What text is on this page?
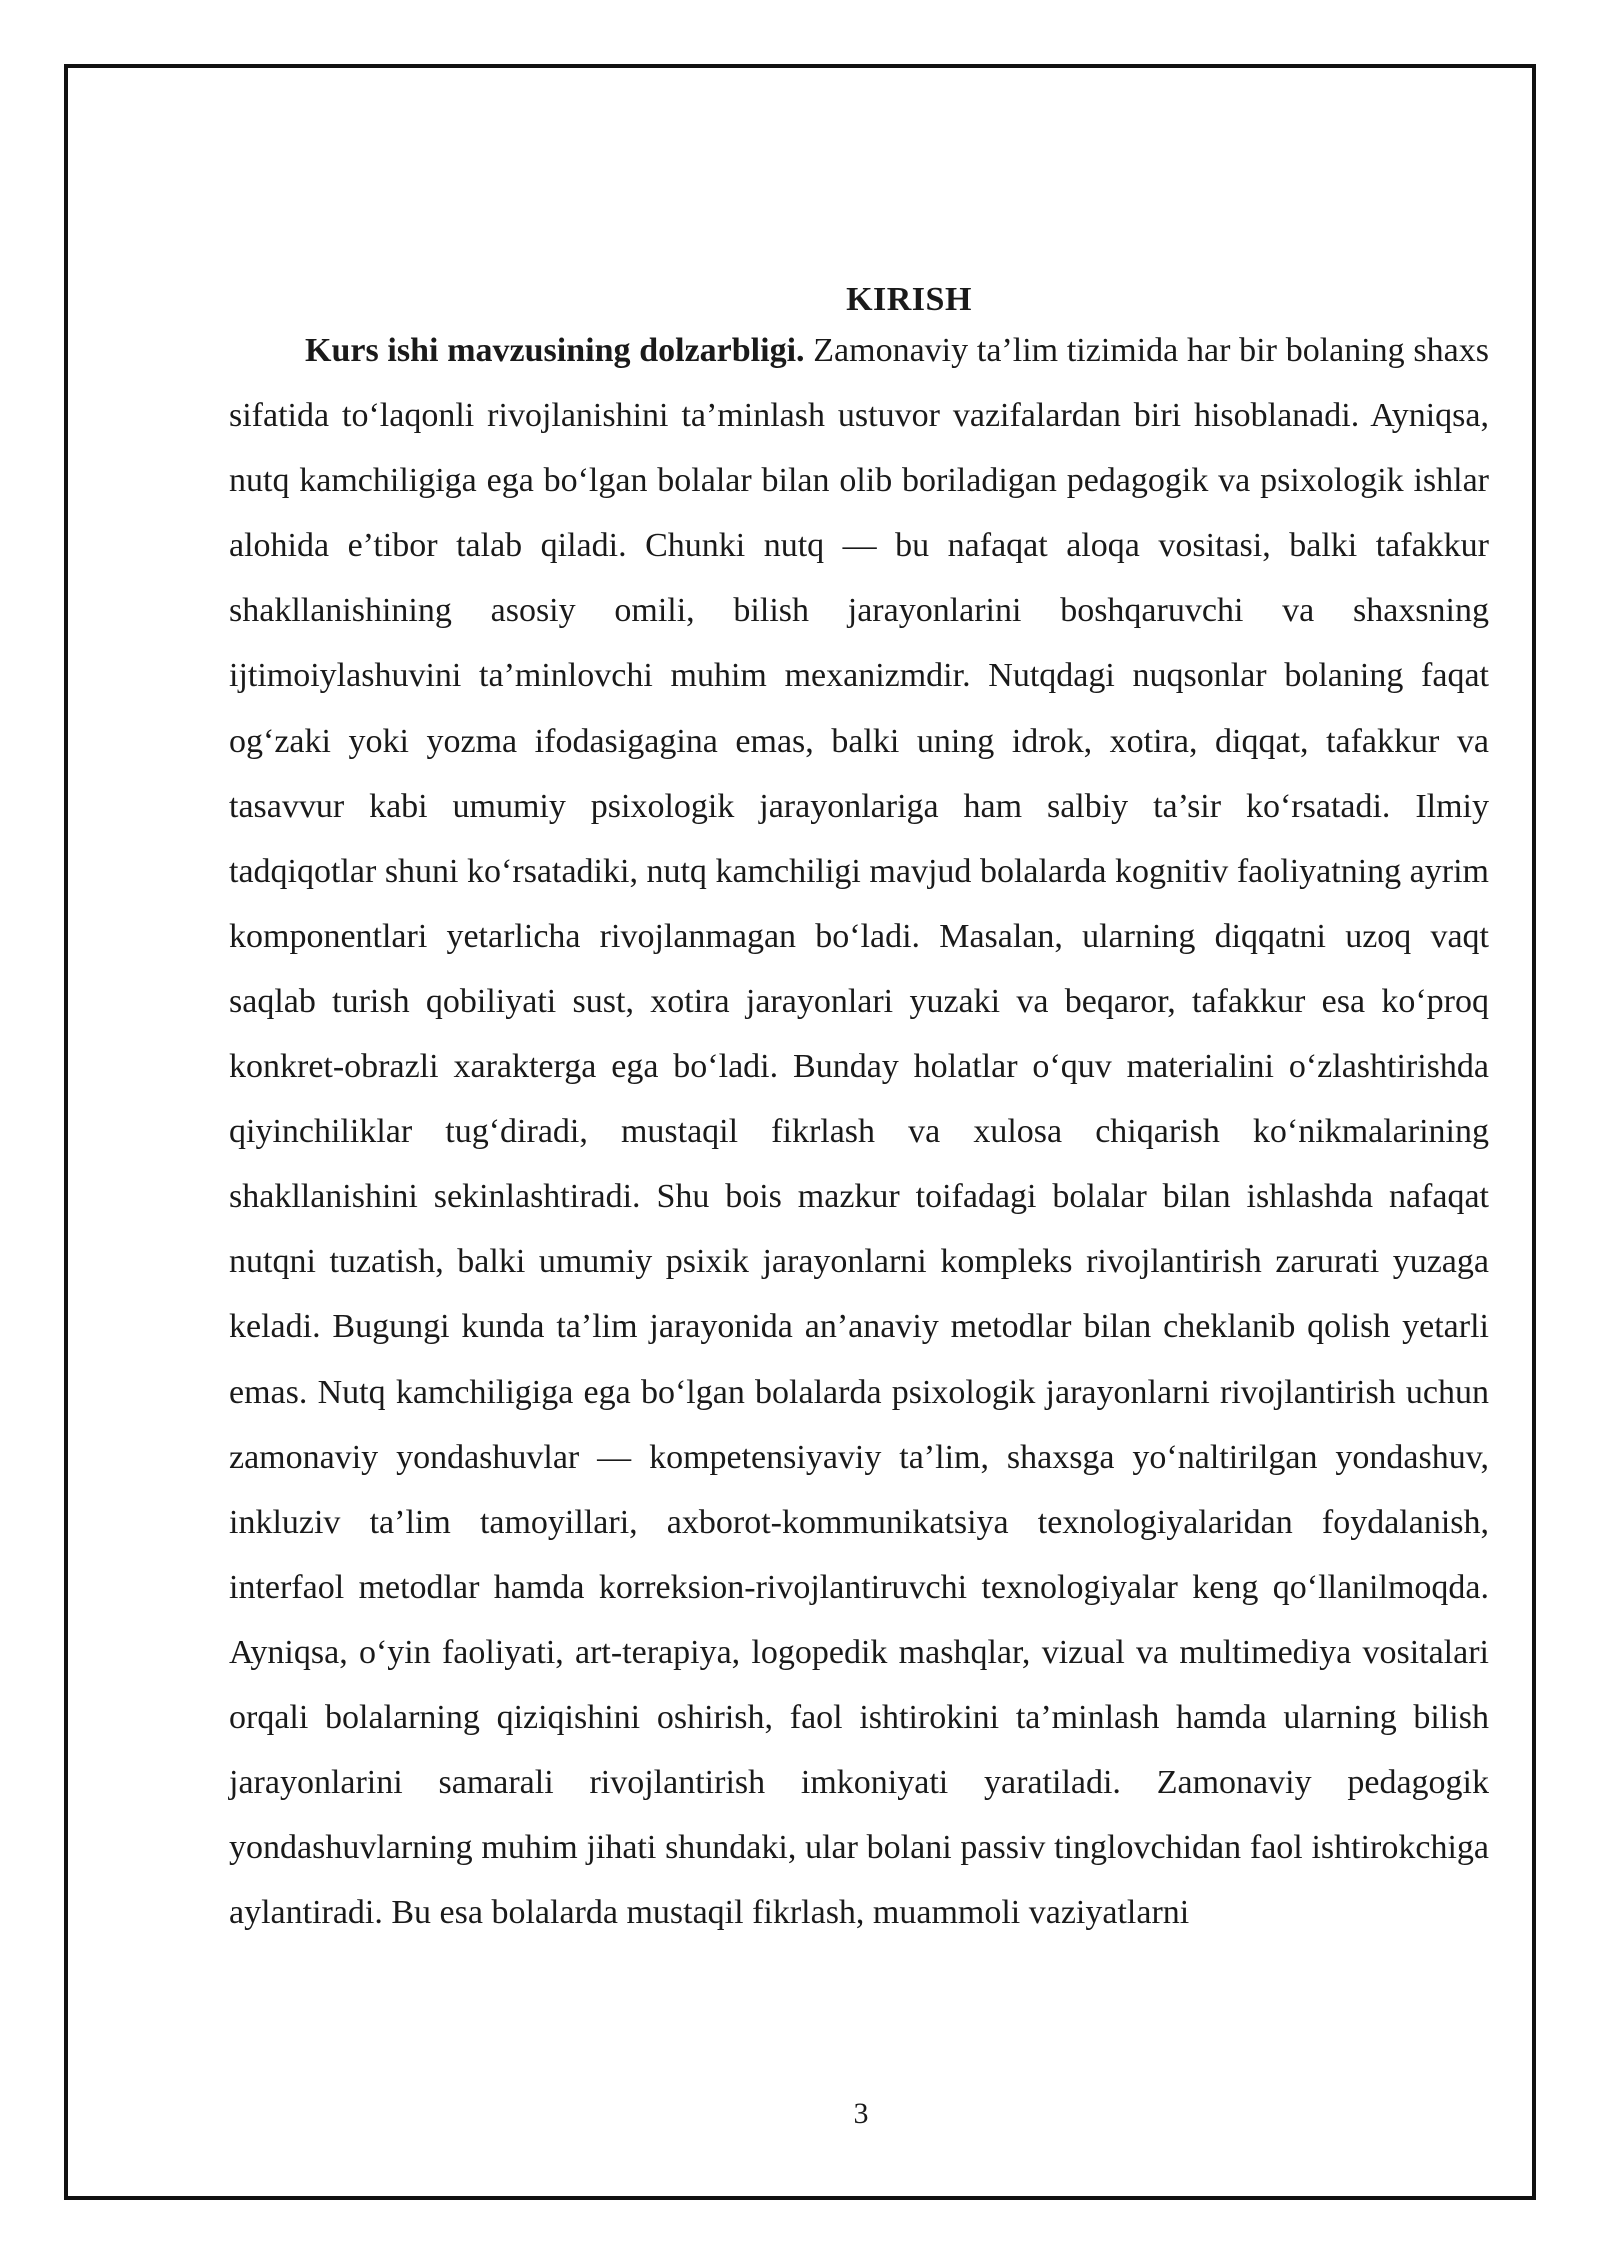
KIRISH

Kurs ishi mavzusining dolzarbligi. Zamonaviy ta’lim tizimida har bir bolaning shaxs sifatida to‘laqonli rivojlanishini ta’minlash ustuvor vazifalardan biri hisoblanadi. Ayniqsa, nutq kamchiligiga ega bo‘lgan bolalar bilan olib boriladigan pedagogik va psixologik ishlar alohida e’tibor talab qiladi. Chunki nutq — bu nafaqat aloqa vositasi, balki tafakkur shakllanishining asosiy omili, bilish jarayonlarini boshqaruvchi va shaxsning ijtimoiylashuvini ta’minlovchi muhim mexanizmdir. Nutqdagi nuqsonlar bolaning faqat og‘zaki yoki yozma ifodasigagina emas, balki uning idrok, xotira, diqqat, tafakkur va tasavvur kabi umumiy psixologik jarayonlariga ham salbiy ta’sir ko‘rsatadi. Ilmiy tadqiqotlar shuni ko‘rsatadiki, nutq kamchiligi mavjud bolalarda kognitiv faoliyatning ayrim komponentlari yetarlicha rivojlanmagan bo‘ladi. Masalan, ularning diqqatni uzoq vaqt saqlab turish qobiliyati sust, xotira jarayonlari yuzaki va beqaror, tafakkur esa ko‘proq konkret-obrazli xarakterga ega bo‘ladi. Bunday holatlar o‘quv materialini o‘zlashtirishda qiyinchiliklar tug‘diradi, mustaqil fikrlash va xulosa chiqarish ko‘nikmalarining shakllanishini sekinlashtiradi. Shu bois mazkur toifadagi bolalar bilan ishlashda nafaqat nutqni tuzatish, balki umumiy psixik jarayonlarni kompleks rivojlantirish zarurati yuzaga keladi. Bugungi kunda ta’lim jarayonida an’anaviy metodlar bilan cheklanib qolish yetarli emas. Nutq kamchiligiga ega bo‘lgan bolalarda psixologik jarayonlarni rivojlantirish uchun zamonaviy yondashuvlar — kompetensiyaviy ta’lim, shaxsga yo‘naltirilgan yondashuv, inkluziv ta’lim tamoyillari, axborot-kommunikatsiya texnologiyalaridan foydalanish, interfaol metodlar hamda korreksion-rivojlantiruvchi texnologiyalar keng qo‘llanilmoqda. Ayniqsa, o‘yin faoliyati, art-terapiya, logopedik mashqlar, vizual va multimediya vositalari orqali bolalarning qiziqishini oshirish, faol ishtirokini ta’minlash hamda ularning bilish jarayonlarini samarali rivojlantirish imkoniyati yaratiladi. Zamonaviy pedagogik yondashuvlarning muhim jihati shundaki, ular bolani passiv tinglovchidan faol ishtirokchiga aylantiradi. Bu esa bolalarda mustaqil fikrlash, muammoli vaziyatlarni

3
